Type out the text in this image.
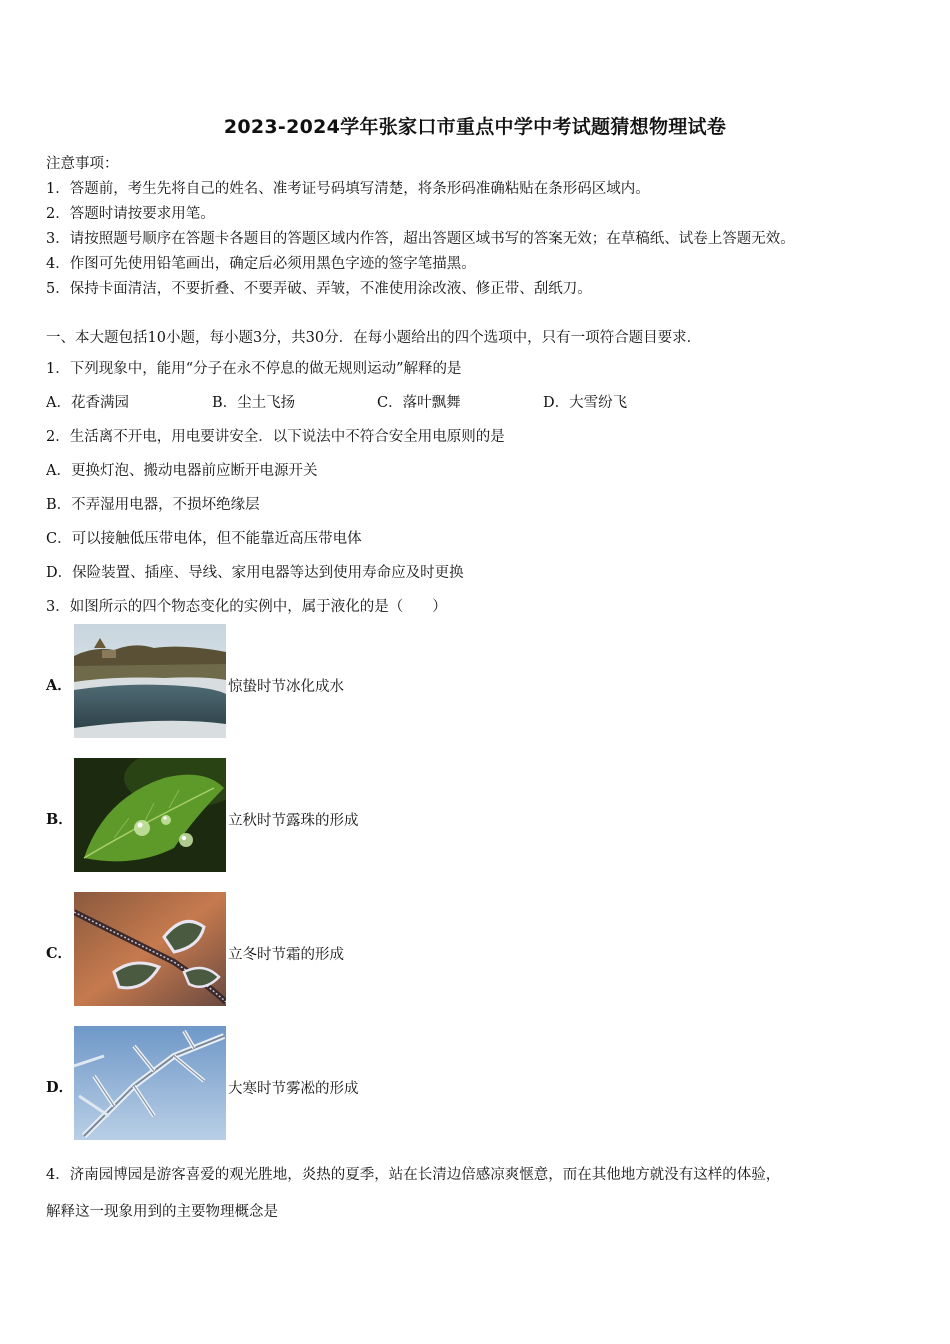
2023-2024学年张家口市重点中学中考试题猜想物理试卷
注意事项：
1．答题前，考生先将自己的姓名、准考证号码填写清楚，将条形码准确粘贴在条形码区域内。
2．答题时请按要求用笔。
3．请按照题号顺序在答题卡各题目的答题区域内作答，超出答题区域书写的答案无效；在草稿纸、试卷上答题无效。
4．作图可先使用铅笔画出，确定后必须用黑色字迹的签字笔描黑。
5．保持卡面清洁，不要折叠、不要弄破、弄皱，不准使用涂改液、修正带、刮纸刀。
一、本大题包括10小题，每小题3分，共30分．在每小题给出的四个选项中，只有一项符合题目要求．
1．下列现象中，能用“分子在永不停息的做无规则运动”解释的是
A．花香满园	B．尘土飞扬	C．落叶飘舞	D．大雪纷飞
2．生活离不开电，用电要讲安全．以下说法中不符合安全用电原则的是
A．更换灯泡、搬动电器前应断开电源开关
B．不弄湿用电器，不损坏绝缘层
C．可以接触低压带电体，但不能靠近高压带电体
D．保险装置、插座、导线、家用电器等达到使用寿命应及时更换
3．如图所示的四个物态变化的实例中，属于液化的是（　　）
A．	惊蛰时节冰化成水
B．	立秋时节露珠的形成
C．	立冬时节霜的形成
D．	大寒时节雾凇的形成
4．济南园博园是游客喜爱的观光胜地，炎热的夏季，站在长清边倍感凉爽惬意，而在其他地方就没有这样的体验，
解释这一现象用到的主要物理概念是
